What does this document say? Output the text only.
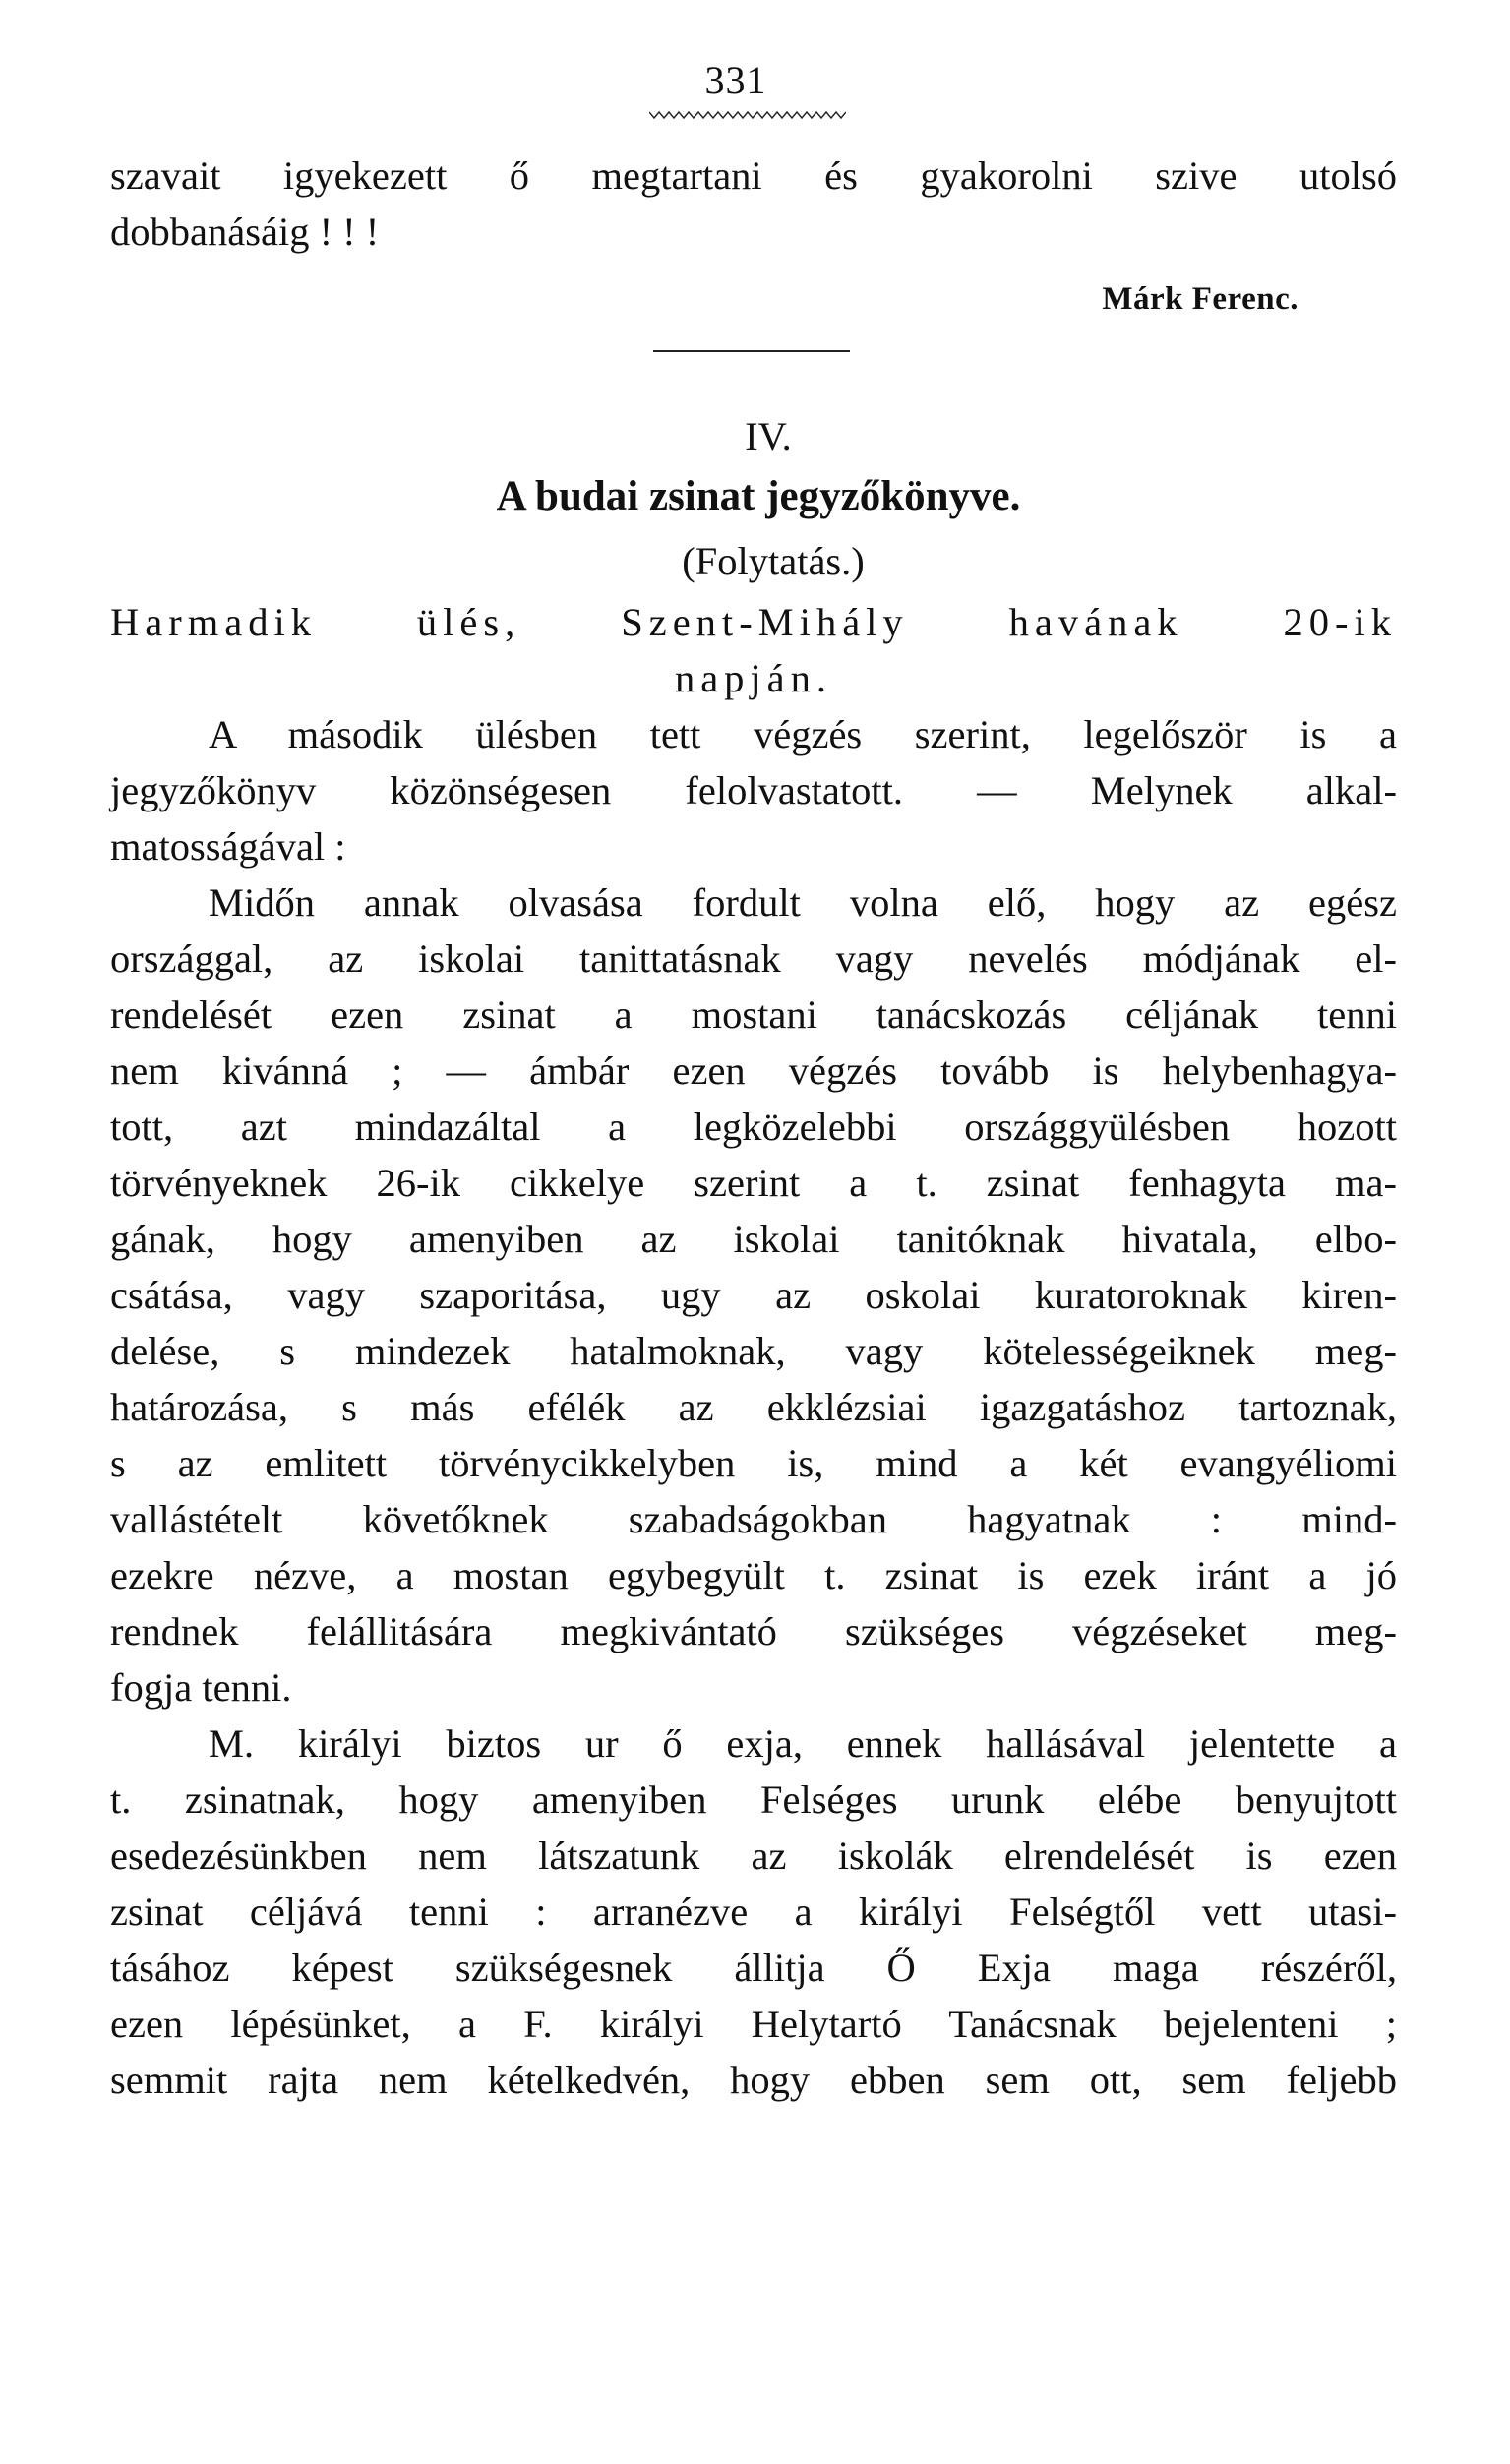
331
szavait igyekezett ő megtartani és gyakorolni szive utolsó
dobbanásáig ! ! !
Márk Ferenc.
IV.
A budai zsinat jegyzőkönyve.
(Folytatás.)
Harmadik ülés, Szent-Mihály havának 20-ik
napján.
A második ülésben tett végzés szerint, legelőször is a
jegyzőkönyv közönségesen felolvastatott. — Melynek alkal-
matosságával :
Midőn annak olvasása fordult volna elő, hogy az egész
országgal, az iskolai tanittatásnak vagy nevelés módjának el-
rendelését ezen zsinat a mostani tanácskozás céljának tenni
nem kivánná ; — ámbár ezen végzés tovább is helybenhagya-
tott, azt mindazáltal a legközelebbi országgyülésben hozott
törvényeknek 26-ik cikkelye szerint a t. zsinat fenhagyta ma-
gának, hogy amenyiben az iskolai tanitóknak hivatala, elbo-
csátása, vagy szaporitása, ugy az oskolai kuratoroknak kiren-
delése, s mindezek hatalmoknak, vagy kötelességeiknek meg-
határozása, s más efélék az ekklézsiai igazgatáshoz tartoznak,
s az emlitett törvénycikkelyben is, mind a két evangyéliomi
vallástételt követőknek szabadságokban hagyatnak : mind-
ezekre nézve, a mostan egybegyült t. zsinat is ezek iránt a jó
rendnek felállitására megkivántató szükséges végzéseket meg-
fogja tenni.
M. királyi biztos ur ő exja, ennek hallásával jelentette a
t. zsinatnak, hogy amenyiben Felséges urunk elébe benyujtott
esedezésünkben nem látszatunk az iskolák elrendelését is ezen
zsinat céljává tenni : arranézve a királyi Felségtől vett utasi-
tásához képest szükségesnek állitja Ő Exja maga részéről,
ezen lépésünket, a F. királyi Helytartó Tanácsnak bejelenteni ;
semmit rajta nem kételkedvén, hogy ebben sem ott, sem feljebb
